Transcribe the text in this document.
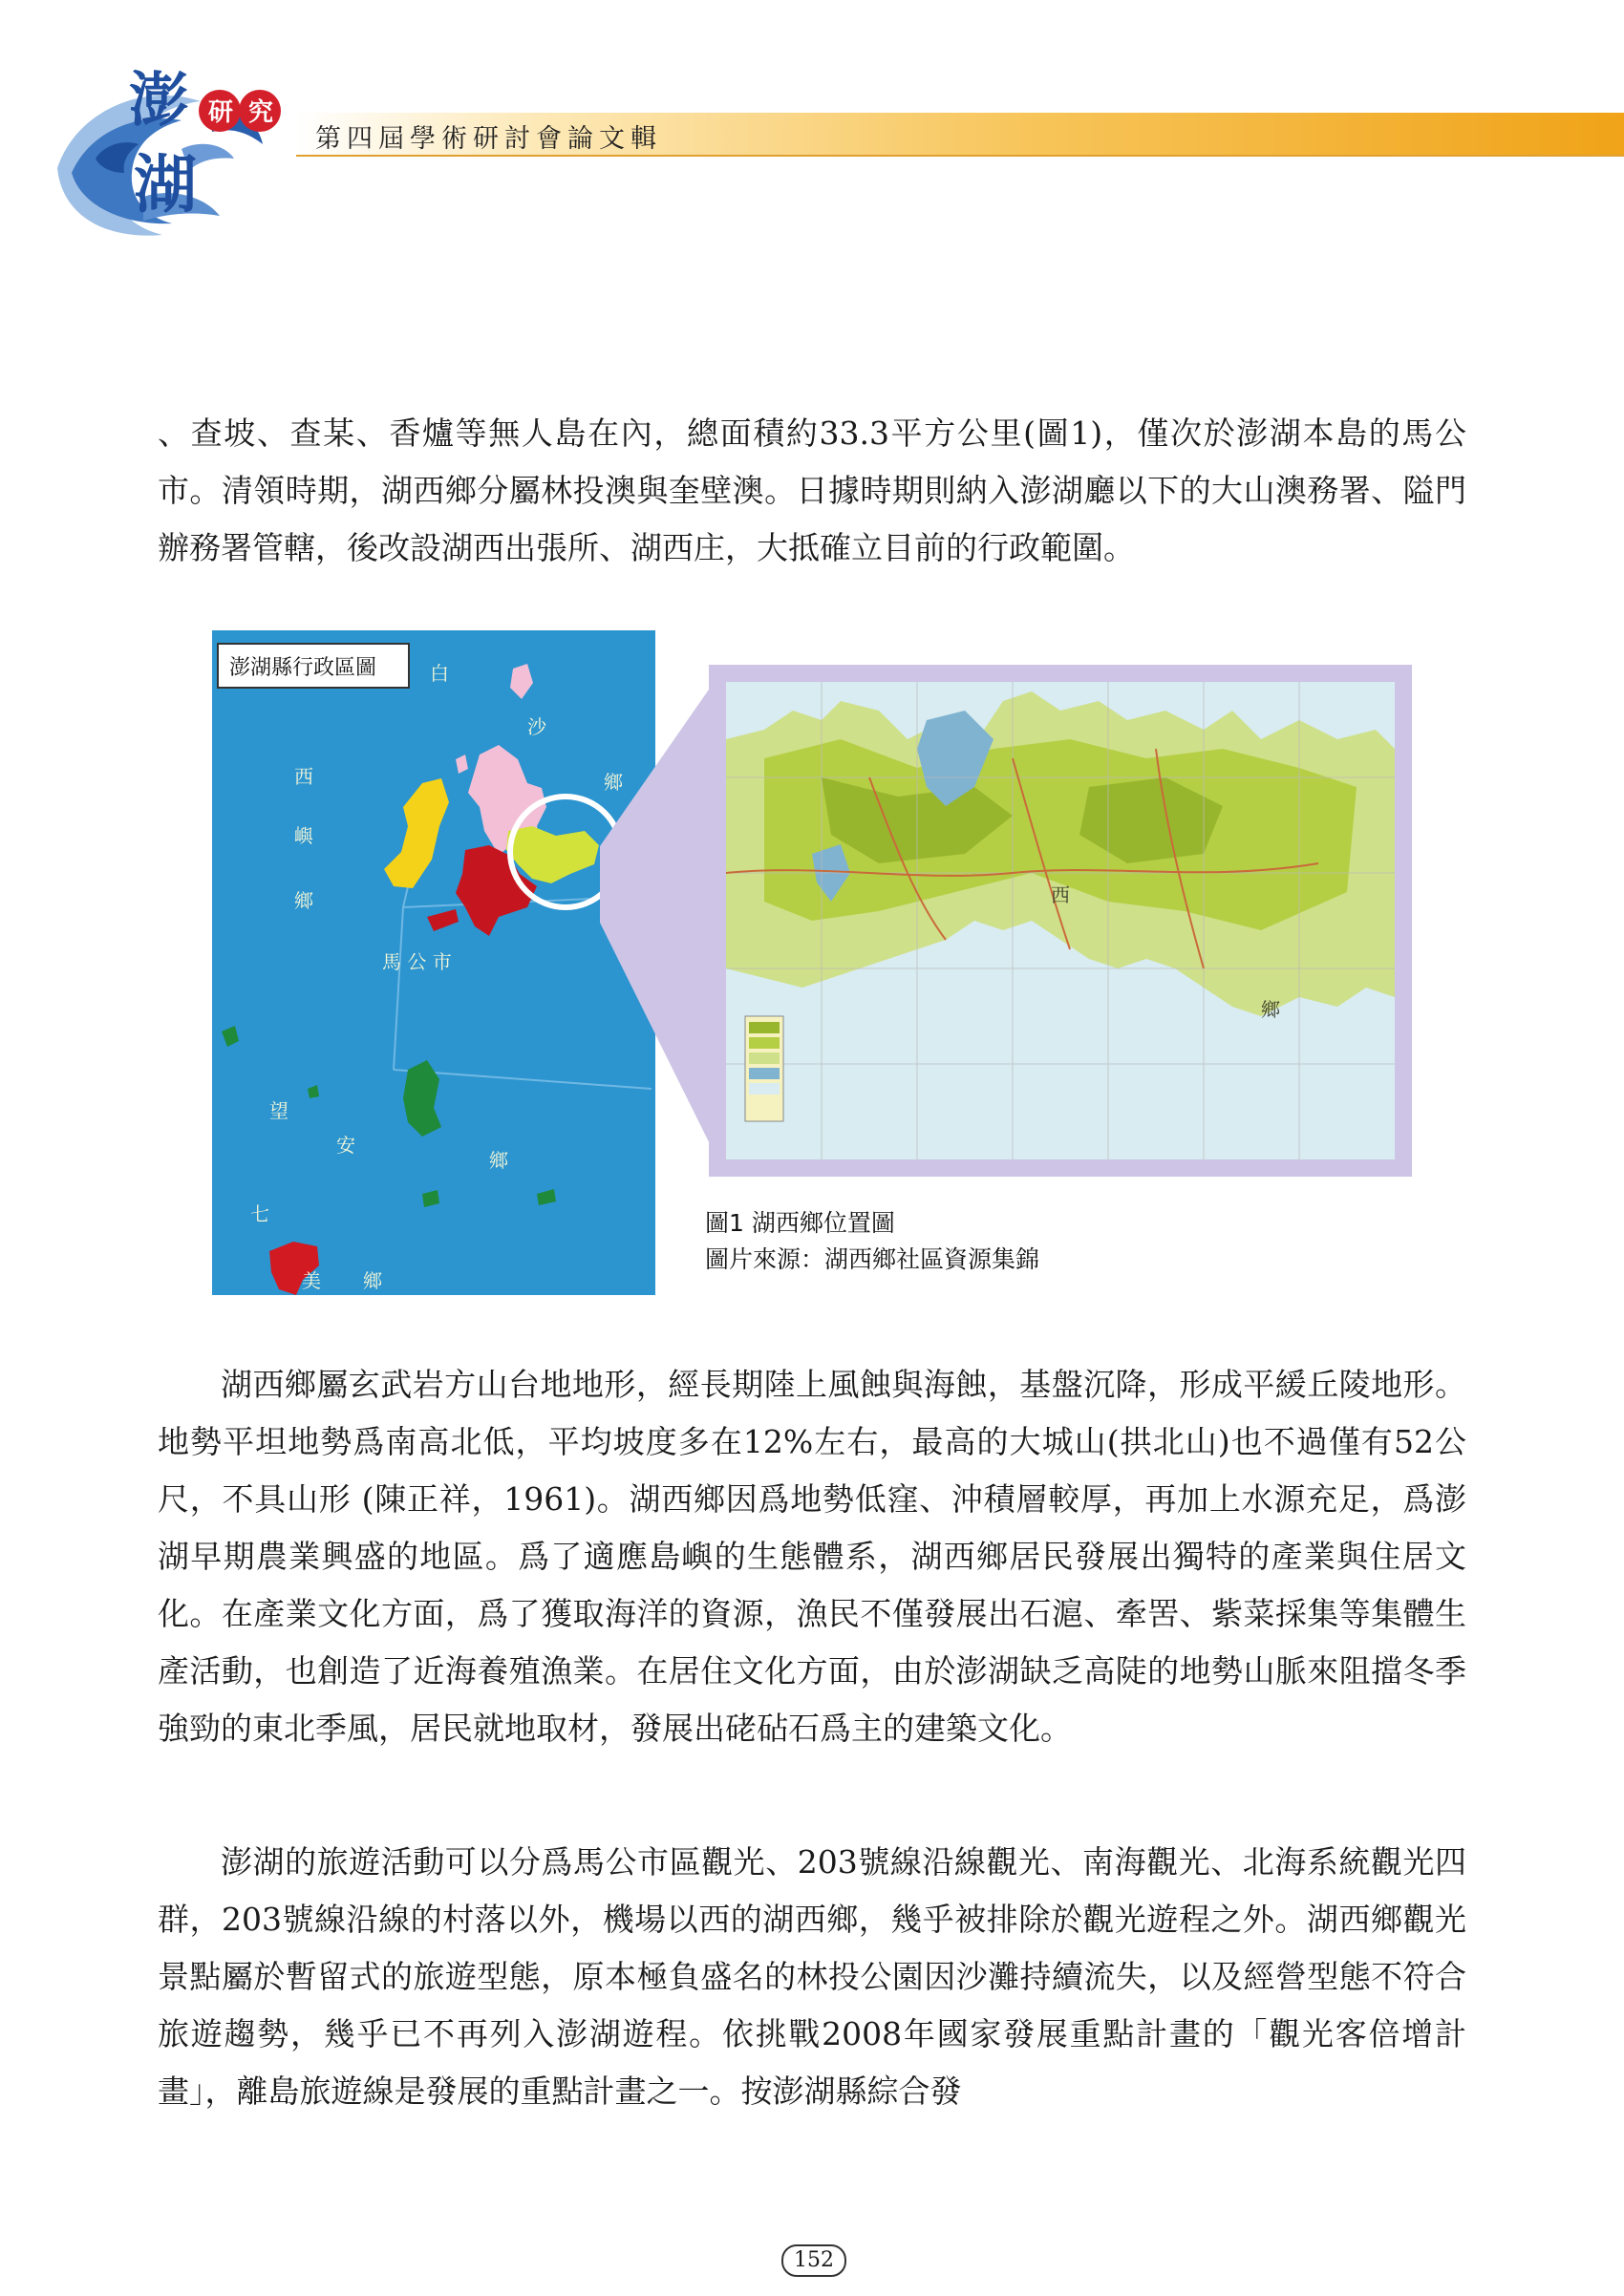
澎
湖
研 究
第四屆學術研討會論文輯

、查坡、查某、香爐等無人島在內，總面積約33.3平方公里(圖1)，僅次於澎湖本島的馬公市。清領時期，湖西鄉分屬林投澳與奎壁澳。日據時期則納入澎湖廳以下的大山澳務署、隘門辦務署管轄，後改設湖西出張所、湖西庄，大抵確立目前的行政範圍。

澎湖縣行政區圖	白
沙
鄉
西
嶼
鄉
馬 公 市
望
安
鄉
七
美 鄉
西
鄉
圖1 湖西鄉位置圖
圖片來源：湖西鄉社區資源集錦

湖西鄉屬玄武岩方山台地地形，經長期陸上風蝕與海蝕，基盤沉降，形成平緩丘陵地形。地勢平坦地勢爲南高北低，平均坡度多在12%左右，最高的大城山(拱北山)也不過僅有52公尺，不具山形 (陳正祥，1961)。湖西鄉因爲地勢低窪、沖積層較厚，再加上水源充足，爲澎湖早期農業興盛的地區。爲了適應島嶼的生態體系，湖西鄉居民發展出獨特的產業與住居文化。在產業文化方面，爲了獲取海洋的資源，漁民不僅發展出石滬、牽罟、紫菜採集等集體生產活動，也創造了近海養殖漁業。在居住文化方面，由於澎湖缺乏高陡的地勢山脈來阻擋冬季強勁的東北季風，居民就地取材，發展出硓砧石爲主的建築文化。

澎湖的旅遊活動可以分爲馬公市區觀光、203號線沿線觀光、南海觀光、北海系統觀光四群，203號線沿線的村落以外，機場以西的湖西鄉，幾乎被排除於觀光遊程之外。湖西鄉觀光景點屬於暫留式的旅遊型態，原本極負盛名的林投公園因沙灘持續流失，以及經營型態不符合旅遊趨勢，幾乎已不再列入澎湖遊程。依挑戰2008年國家發展重點計畫的「觀光客倍增計畫」，離島旅遊線是發展的重點計畫之一。按澎湖縣綜合發

152
